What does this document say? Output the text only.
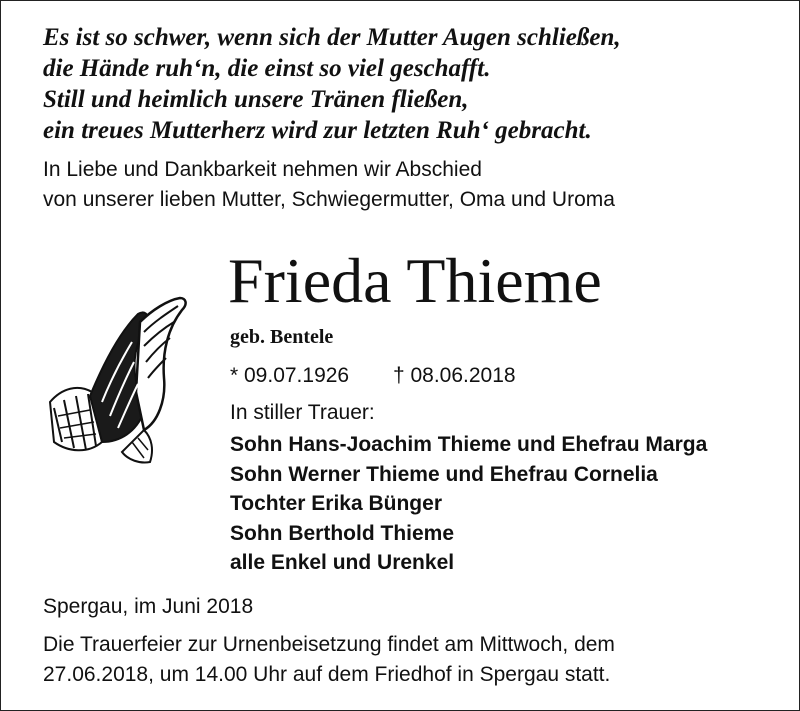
Es ist so schwer, wenn sich der Mutter Augen schließen,
die Hände ruh‘n, die einst so viel geschafft.
Still und heimlich unsere Tränen fließen,
ein treues Mutterherz wird zur letzten Ruh‘ gebracht.
In Liebe und Dankbarkeit nehmen wir Abschied
von unserer lieben Mutter, Schwiegermutter, Oma und Uroma
Frieda Thieme
geb. Bentele
* 09.07.1926 † 08.06.2018
In stiller Trauer:
Sohn Hans-Joachim Thieme und Ehefrau Marga
Sohn Werner Thieme und Ehefrau Cornelia
Tochter Erika Bünger
Sohn Berthold Thieme
alle Enkel und Urenkel
Spergau, im Juni 2018
Die Trauerfeier zur Urnenbeisetzung findet am Mittwoch, dem
27.06.2018, um 14.00 Uhr auf dem Friedhof in Spergau statt.
